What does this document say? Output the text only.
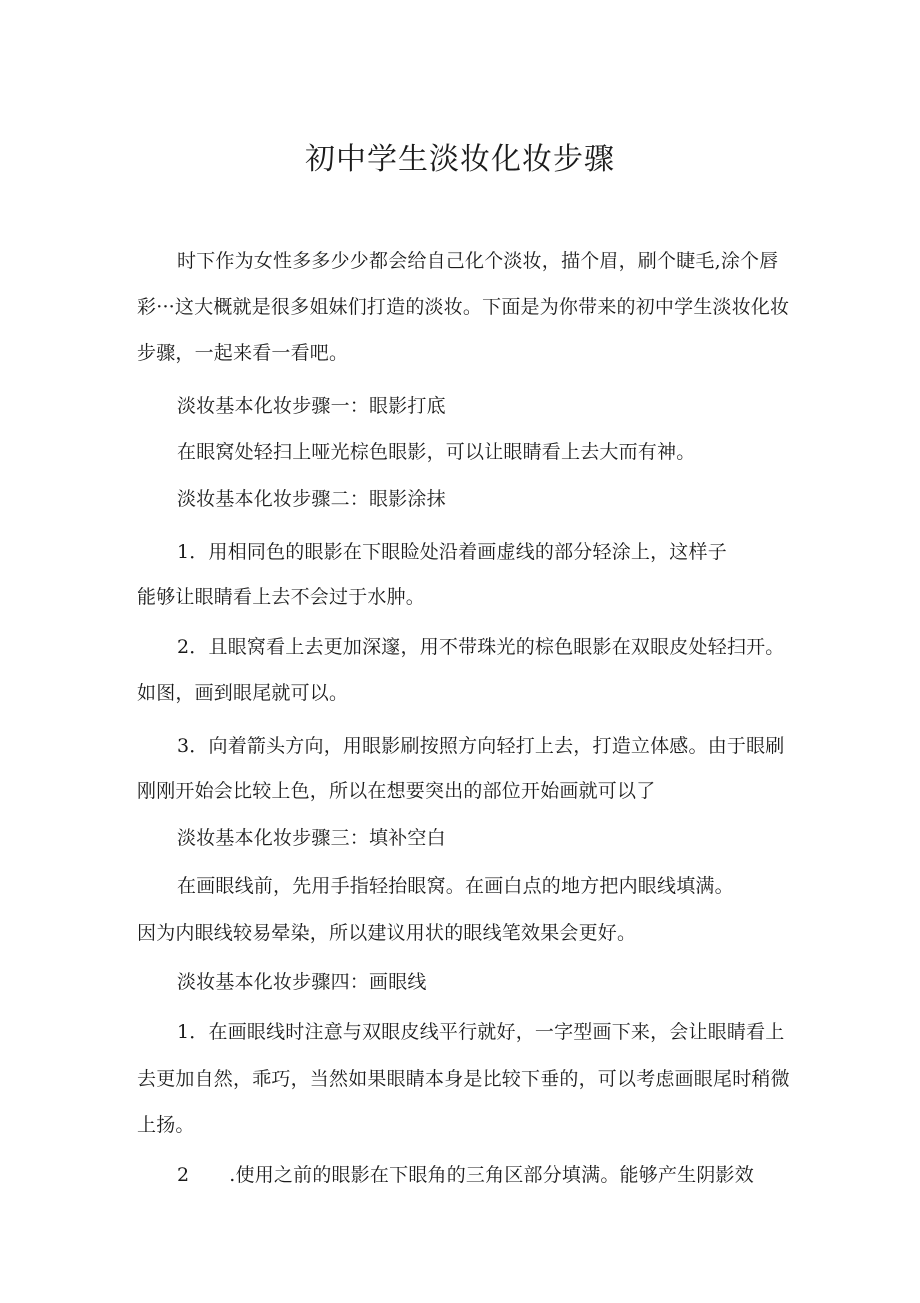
初中学生淡妆化妆步骤
时下作为女性多多少少都会给自己化个淡妆，描个眉，刷个睫毛,涂个唇
彩···这大概就是很多姐妹们打造的淡妆。下面是为你带来的初中学生淡妆化妆
步骤，一起来看一看吧。
淡妆基本化妆步骤一：眼影打底
在眼窝处轻扫上哑光棕色眼影，可以让眼睛看上去大而有神。
淡妆基本化妆步骤二：眼影涂抹
1．用相同色的眼影在下眼睑处沿着画虚线的部分轻涂上，这样子
能够让眼睛看上去不会过于水肿。
2．且眼窝看上去更加深邃，用不带珠光的棕色眼影在双眼皮处轻扫开。
如图，画到眼尾就可以。
3．向着箭头方向，用眼影刷按照方向轻打上去，打造立体感。由于眼刷
刚刚开始会比较上色，所以在想要突出的部位开始画就可以了
淡妆基本化妆步骤三：填补空白
在画眼线前，先用手指轻抬眼窝。在画白点的地方把内眼线填满。
因为内眼线较易晕染，所以建议用状的眼线笔效果会更好。
淡妆基本化妆步骤四：画眼线
1．在画眼线时注意与双眼皮线平行就好，一字型画下来，会让眼睛看上
去更加自然，乖巧，当然如果眼睛本身是比较下垂的，可以考虑画眼尾时稍微
上扬。
2 .使用之前的眼影在下眼角的三角区部分填满。能够产生阴影效
